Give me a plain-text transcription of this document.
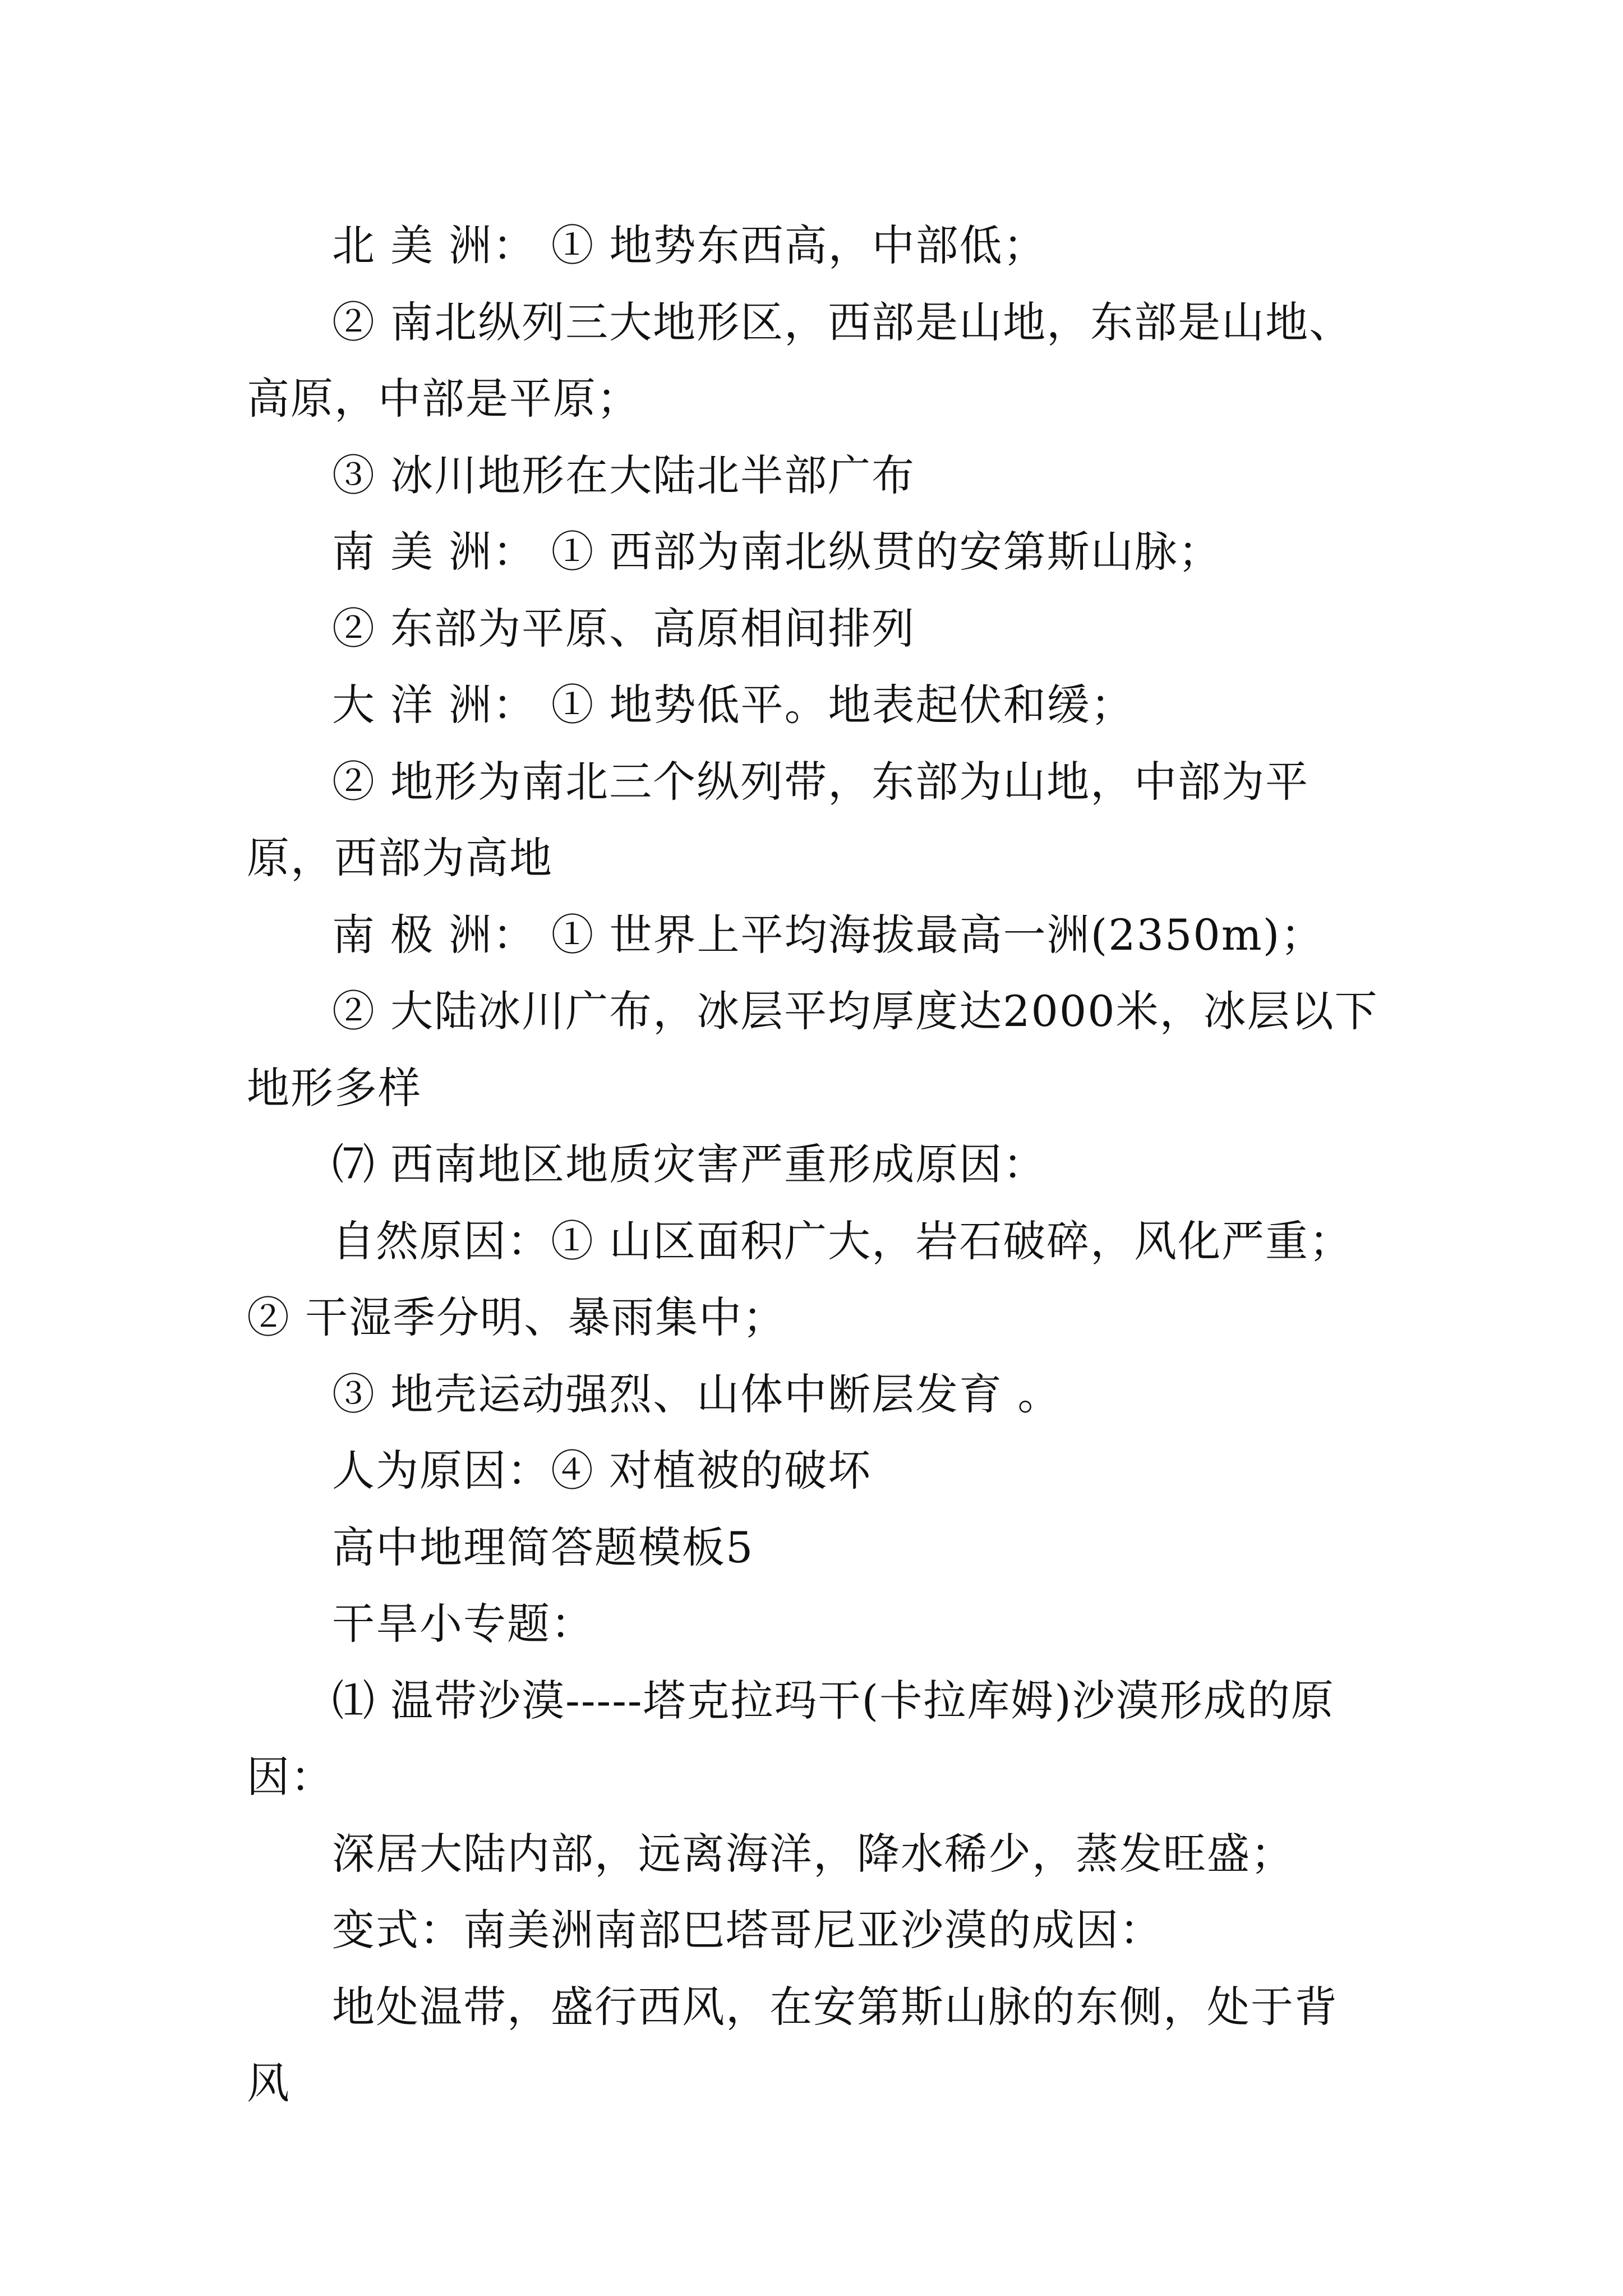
北 美 洲： ① 地势东西高，中部低；

② 南北纵列三大地形区，西部是山地，东部是山地、高原，中部是平原；

③ 冰川地形在大陆北半部广布

南 美 洲： ① 西部为南北纵贯的安第斯山脉；

② 东部为平原、高原相间排列

大 洋 洲： ① 地势低平。地表起伏和缓；

② 地形为南北三个纵列带，东部为山地，中部为平原，西部为高地

南 极 洲： ① 世界上平均海拔最高一洲(2350m)；

② 大陆冰川广布，冰层平均厚度达2000米，冰层以下地形多样

⑺ 西南地区地质灾害严重形成原因：

自然原因：① 山区面积广大，岩石破碎，风化严重；② 干湿季分明、暴雨集中；

③ 地壳运动强烈、山体中断层发育 。

人为原因：④ 对植被的破坏

高中地理简答题模板5

干旱小专题：

⑴ 温带沙漠-----塔克拉玛干(卡拉库姆)沙漠形成的原因：

深居大陆内部，远离海洋，降水稀少，蒸发旺盛；

变式：南美洲南部巴塔哥尼亚沙漠的成因：

地处温带，盛行西风，在安第斯山脉的东侧，处于背风
